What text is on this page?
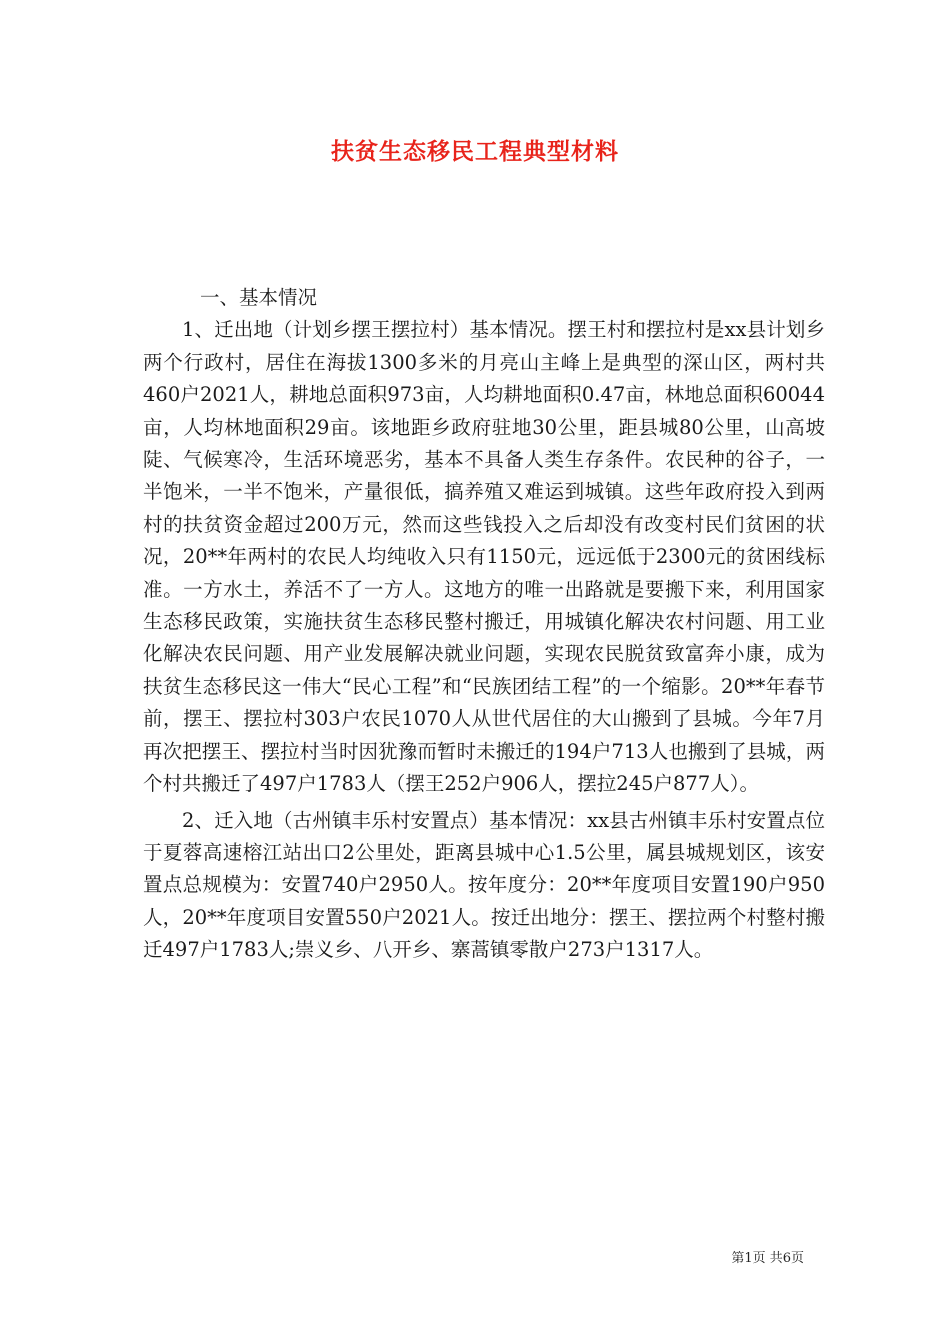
扶贫生态移民工程典型材料

一、基本情况

1、迁出地（计划乡摆王摆拉村）基本情况。摆王村和摆拉村是xx县计划乡两个行政村，居住在海拔1300多米的月亮山主峰上是典型的深山区，两村共460户2021人，耕地总面积973亩，人均耕地面积0.47亩，林地总面积60044亩，人均林地面积29亩。该地距乡政府驻地30公里，距县城80公里，山高坡陡、气候寒冷，生活环境恶劣，基本不具备人类生存条件。农民种的谷子，一半饱米，一半不饱米，产量很低，搞养殖又难运到城镇。这些年政府投入到两村的扶贫资金超过200万元，然而这些钱投入之后却没有改变村民们贫困的状况，20**年两村的农民人均纯收入只有1150元，远远低于2300元的贫困线标准。一方水土，养活不了一方人。这地方的唯一出路就是要搬下来，利用国家生态移民政策，实施扶贫生态移民整村搬迁，用城镇化解决农村问题、用工业化解决农民问题、用产业发展解决就业问题，实现农民脱贫致富奔小康，成为扶贫生态移民这一伟大“民心工程”和“民族团结工程”的一个缩影。20**年春节前，摆王、摆拉村303户农民1070人从世代居住的大山搬到了县城。今年7月再次把摆王、摆拉村当时因犹豫而暂时未搬迁的194户713人也搬到了县城，两个村共搬迁了497户1783人（摆王252户906人，摆拉245户877人）。

2、迁入地（古州镇丰乐村安置点）基本情况：xx县古州镇丰乐村安置点位于夏蓉高速榕江站出口2公里处，距离县城中心1.5公里，属县城规划区，该安置点总规模为：安置740户2950人。按年度分：20**年度项目安置190户950人，20**年度项目安置550户2021人。按迁出地分：摆王、摆拉两个村整村搬迁497户1783人;崇义乡、八开乡、寨蒿镇零散户273户1317人。

第1页 共6页
